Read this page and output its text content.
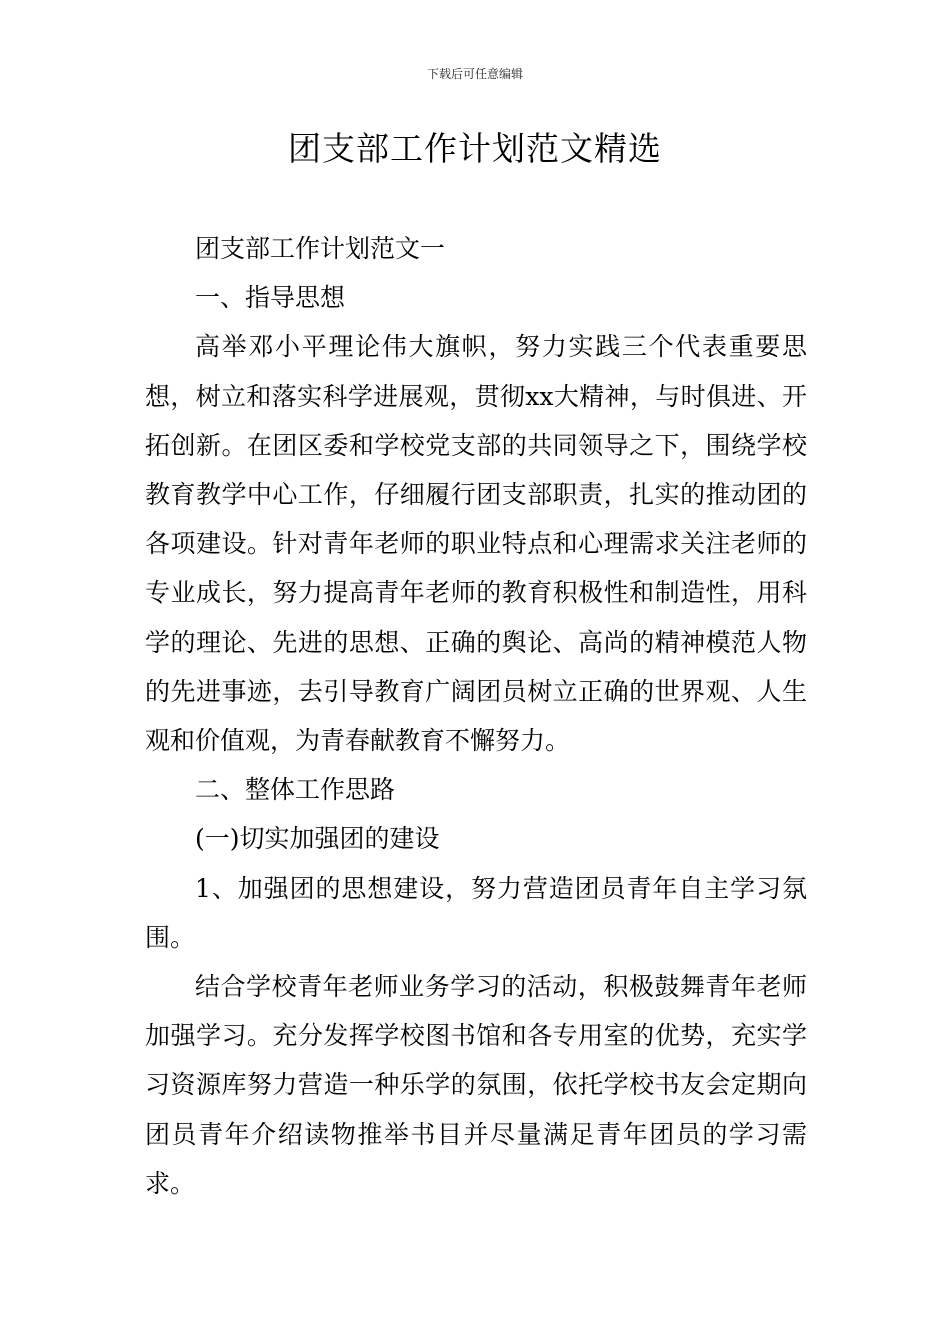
下载后可任意编辑
团支部工作计划范文精选

团支部工作计划范文一

一、指导思想

高举邓小平理论伟大旗帜，努力实践三个代表重要思想，树立和落实科学进展观，贯彻xx大精神，与时俱进、开拓创新。在团区委和学校党支部的共同领导之下，围绕学校教育教学中心工作，仔细履行团支部职责，扎实的推动团的各项建设。针对青年老师的职业特点和心理需求关注老师的专业成长，努力提高青年老师的教育积极性和制造性，用科学的理论、先进的思想、正确的舆论、高尚的精神模范人物的先进事迹，去引导教育广阔团员树立正确的世界观、人生观和价值观，为青春献教育不懈努力。

二、整体工作思路

(一)切实加强团的建设

1、加强团的思想建设，努力营造团员青年自主学习氛围。

结合学校青年老师业务学习的活动，积极鼓舞青年老师加强学习。充分发挥学校图书馆和各专用室的优势，充实学习资源库努力营造一种乐学的氛围，依托学校书友会定期向团员青年介绍读物推举书目并尽量满足青年团员的学习需求。
